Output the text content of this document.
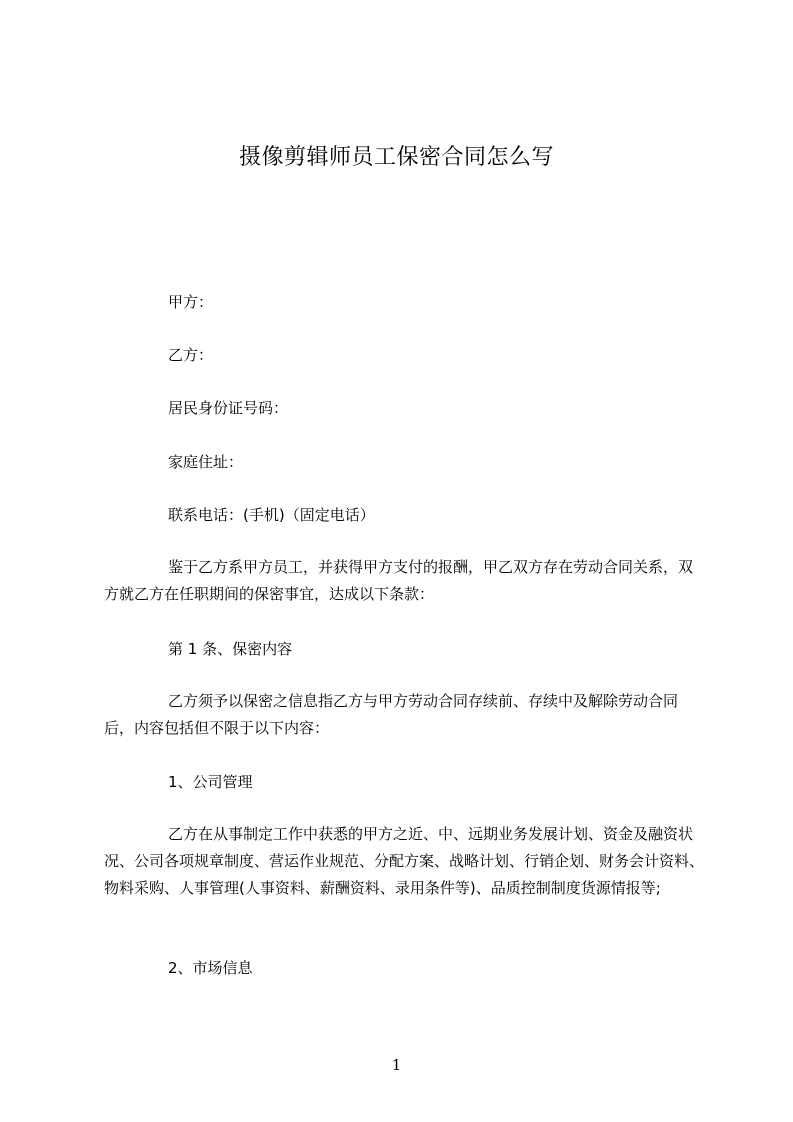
摄像剪辑师员工保密合同怎么写
甲方：
乙方：
居民身份证号码：
家庭住址：
联系电话：(手机)（固定电话）
鉴于乙方系甲方员工，并获得甲方支付的报酬，甲乙双方存在劳动合同关系，双方就乙方在任职期间的保密事宜，达成以下条款：
第 1 条、保密内容
乙方须予以保密之信息指乙方与甲方劳动合同存续前、存续中及解除劳动合同后，内容包括但不限于以下内容：
1、公司管理
乙方在从事制定工作中获悉的甲方之近、中、远期业务发展计划、资金及融资状况、公司各项规章制度、营运作业规范、分配方案、战略计划、行销企划、财务会计资料、物料采购、人事管理(人事资料、薪酬资料、录用条件等)、品质控制制度货源情报等;
2、市场信息
1
